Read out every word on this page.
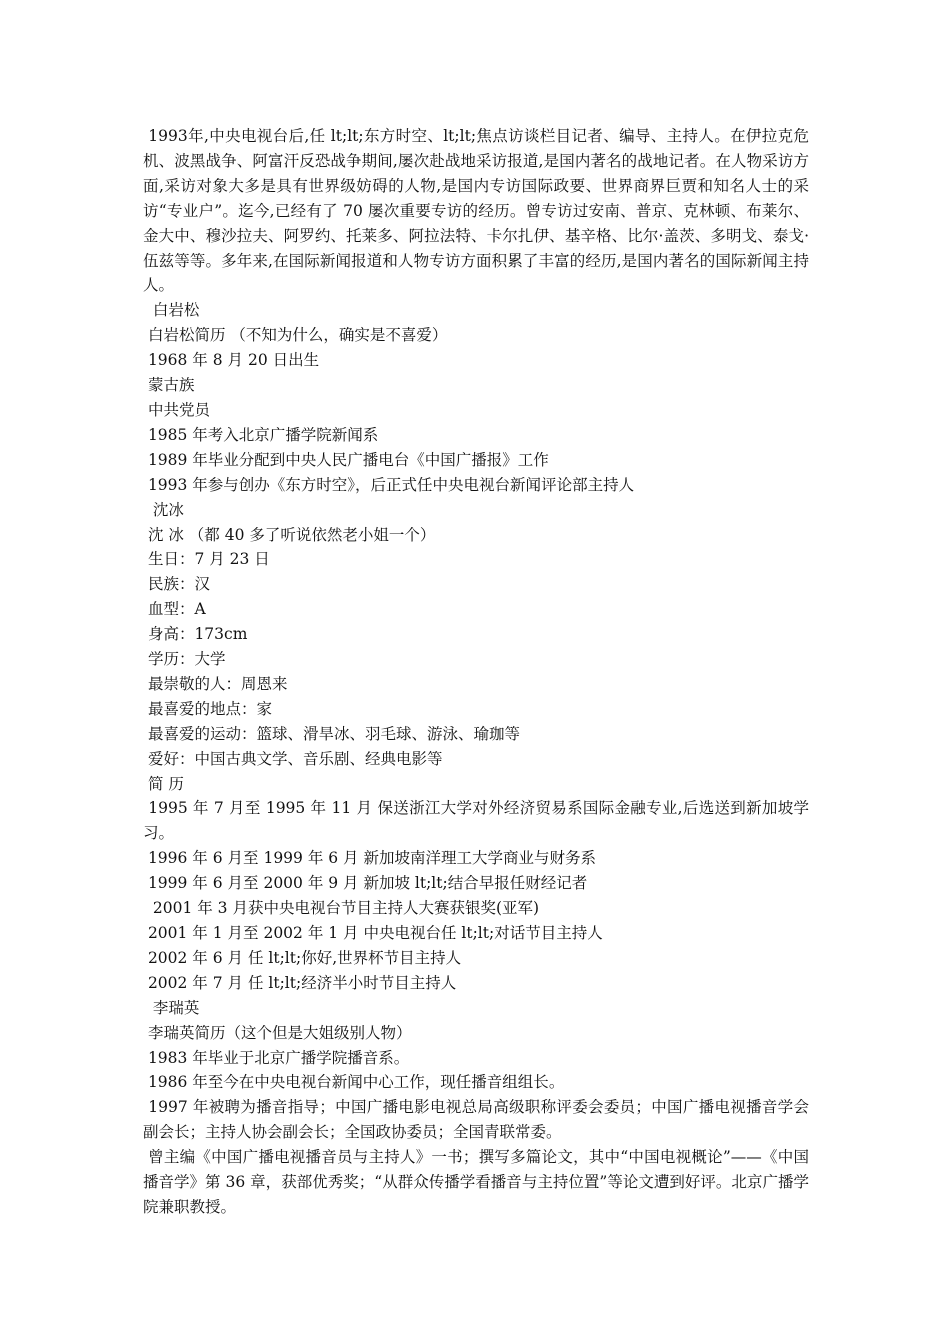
1993年,中央电视台后,任 lt;lt;东方时空、lt;lt;焦点访谈栏目记者、编导、主持人。在伊拉克危机、波黑战争、阿富汗反恐战争期间,屡次赴战地采访报道,是国内著名的战地记者。在人物采访方面,采访对象大多是具有世界级妨碍的人物,是国内专访国际政要、世界商界巨贾和知名人士的采访“专业户”。迄今,已经有了 70 屡次重要专访的经历。曾专访过安南、普京、克林顿、布莱尔、金大中、穆沙拉夫、阿罗约、托莱多、阿拉法特、卡尔扎伊、基辛格、比尔·盖茨、多明戈、泰戈·伍兹等等。多年来,在国际新闻报道和人物专访方面积累了丰富的经历,是国内著名的国际新闻主持人。

白岩松

白岩松简历 （不知为什么，确实是不喜爱）

1968 年 8 月 20 日出生

蒙古族

中共党员

1985 年考入北京广播学院新闻系

1989 年毕业分配到中央人民广播电台《中国广播报》工作

1993 年参与创办《东方时空》，后正式任中央电视台新闻评论部主持人

沈冰

沈 冰 （都 40 多了听说依然老小姐一个）

生日：7 月 23 日

民族：汉

血型：A

身高：173cm

学历：大学

最崇敬的人：周恩来

最喜爱的地点：家

最喜爱的运动：篮球、滑旱冰、羽毛球、游泳、瑜珈等

爱好：中国古典文学、音乐剧、经典电影等

简 历

1995 年 7 月至 1995 年 11 月 保送浙江大学对外经济贸易系国际金融专业,后选送到新加坡学习。

1996 年 6 月至 1999 年 6 月 新加坡南洋理工大学商业与财务系

1999 年 6 月至 2000 年 9 月 新加坡 lt;lt;结合早报任财经记者

2001 年 3 月获中央电视台节目主持人大赛获银奖(亚军)

2001 年 1 月至 2002 年 1 月 中央电视台任 lt;lt;对话节目主持人

2002 年 6 月 任 lt;lt;你好,世界杯节目主持人

2002 年 7 月 任 lt;lt;经济半小时节目主持人

李瑞英

李瑞英简历（这个但是大姐级别人物）

1983 年毕业于北京广播学院播音系。

1986 年至今在中央电视台新闻中心工作，现任播音组组长。

1997 年被聘为播音指导；中国广播电影电视总局高级职称评委会委员；中国广播电视播音学会副会长；主持人协会副会长；全国政协委员；全国青联常委。

曾主编《中国广播电视播音员与主持人》一书；撰写多篇论文，其中“中国电视概论”——《中国播音学》第 36 章，获部优秀奖；“从群众传播学看播音与主持位置”等论文遭到好评。北京广播学院兼职教授。
